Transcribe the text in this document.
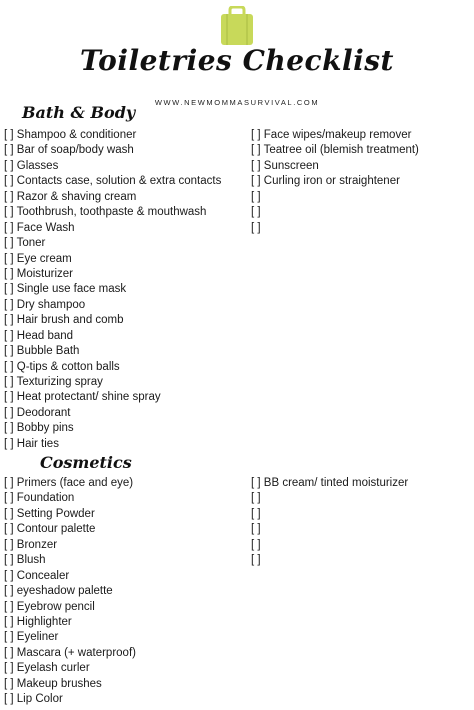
Toiletries Checklist
WWW.NEWMOMMASURVIVAL.COM
Bath & Body
[ ] Shampoo & conditioner
[ ] Bar of soap/body wash
[ ] Glasses
[ ] Contacts case, solution & extra contacts
[ ] Razor & shaving cream
[ ] Toothbrush, toothpaste & mouthwash
[ ] Face Wash
[ ] Toner
[ ] Eye cream
[ ] Moisturizer
[ ] Single use face mask
[ ] Dry shampoo
[ ] Hair brush and comb
[ ] Head band
[ ] Bubble Bath
[ ] Q-tips & cotton balls
[ ] Texturizing spray
[ ] Heat protectant/ shine spray
[ ] Deodorant
[ ] Bobby pins
[ ] Hair ties
[ ] Face wipes/makeup remover
[ ] Teatree oil (blemish treatment)
[ ] Sunscreen
[ ] Curling iron or straightener
[ ]
[ ]
[ ]
Cosmetics
[ ] Primers (face and eye)
[ ] Foundation
[ ] Setting Powder
[ ] Contour palette
[ ] Bronzer
[ ] Blush
[ ] Concealer
[ ] eyeshadow palette
[ ] Eyebrow pencil
[ ] Highlighter
[ ] Eyeliner
[ ] Mascara (+ waterproof)
[ ] Eyelash curler
[ ] Makeup brushes
[ ] Lip Color
[ ] BB cream/ tinted moisturizer
[ ]
[ ]
[ ]
[ ]
[ ]
